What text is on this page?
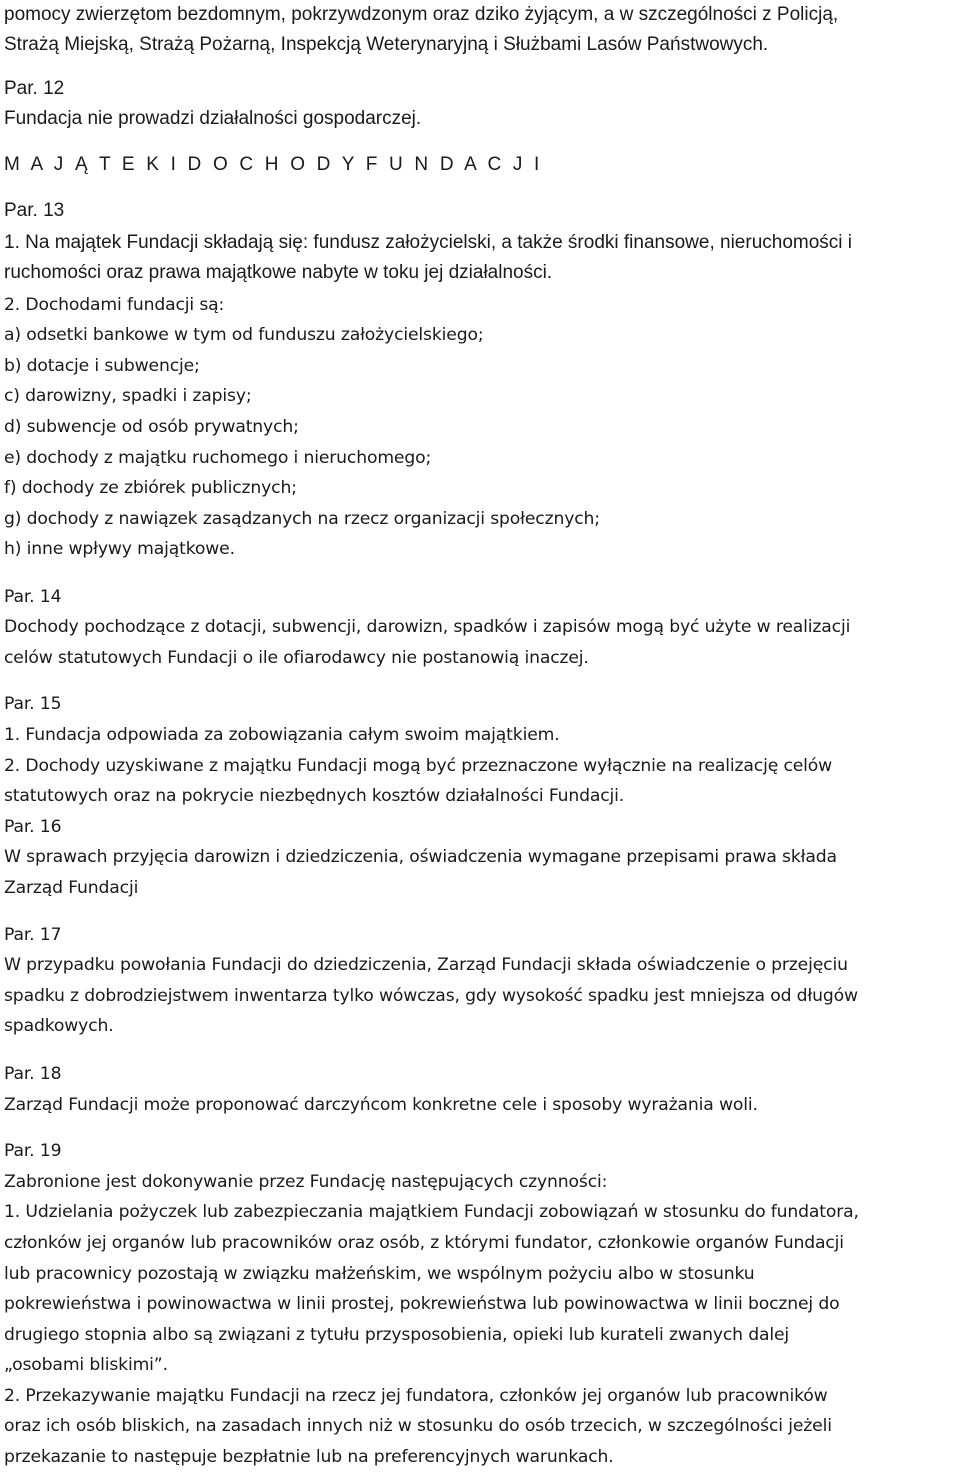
pomocy zwierzętom bezdomnym, pokrzywdzonym oraz dziko żyjącym, a w szczególności z Policją,
Strażą Miejską, Strażą Pożarną, Inspekcją Weterynaryjną i Służbami Lasów Państwowych.
Par. 12
Fundacja nie prowadzi działalności gospodarczej.
M A J Ą T E K I D O C H O D Y F U N D A C J I
Par. 13
1. Na majątek Fundacji składają się: fundusz założycielski, a także środki finansowe, nieruchomości i
ruchomości oraz prawa majątkowe nabyte w toku jej działalności.
2. Dochodami fundacji są:
a) odsetki bankowe w tym od funduszu założycielskiego;
b) dotacje i subwencje;
c) darowizny, spadki i zapisy;
d) subwencje od osób prywatnych;
e) dochody z majątku ruchomego i nieruchomego;
f) dochody ze zbiórek publicznych;
g) dochody z nawiązek zasądzanych na rzecz organizacji społecznych;
h) inne wpływy majątkowe.
Par. 14
Dochody pochodzące z dotacji, subwencji, darowizn, spadków i zapisów mogą być użyte w realizacji
celów statutowych Fundacji o ile ofiarodawcy nie postanowią inaczej.
Par. 15
1. Fundacja odpowiada za zobowiązania całym swoim majątkiem.
2. Dochody uzyskiwane z majątku Fundacji mogą być przeznaczone wyłącznie na realizację celów
statutowych oraz na pokrycie niezbędnych kosztów działalności Fundacji.
Par. 16
W sprawach przyjęcia darowizn i dziedziczenia, oświadczenia wymagane przepisami prawa składa
Zarząd Fundacji
Par. 17
W przypadku powołania Fundacji do dziedziczenia, Zarząd Fundacji składa oświadczenie o przejęciu
spadku z dobrodziejstwem inwentarza tylko wówczas, gdy wysokość spadku jest mniejsza od długów
spadkowych.
Par. 18
Zarząd Fundacji może proponować darczyńcom konkretne cele i sposoby wyrażania woli.
Par. 19
Zabronione jest dokonywanie przez Fundację następujących czynności:
1. Udzielania pożyczek lub zabezpieczania majątkiem Fundacji zobowiązań w stosunku do fundatora,
członków jej organów lub pracowników oraz osób, z którymi fundator, członkowie organów Fundacji
lub pracownicy pozostają w związku małżeńskim, we wspólnym pożyciu albo w stosunku
pokrewieństwa i powinowactwa w linii prostej, pokrewieństwa lub powinowactwa w linii bocznej do
drugiego stopnia albo są związani z tytułu przysposobienia, opieki lub kurateli zwanych dalej
„osobami bliskimi”.
2. Przekazywanie majątku Fundacji na rzecz jej fundatora, członków jej organów lub pracowników
oraz ich osób bliskich, na zasadach innych niż w stosunku do osób trzecich, w szczególności jeżeli
przekazanie to następuje bezpłatnie lub na preferencyjnych warunkach.
